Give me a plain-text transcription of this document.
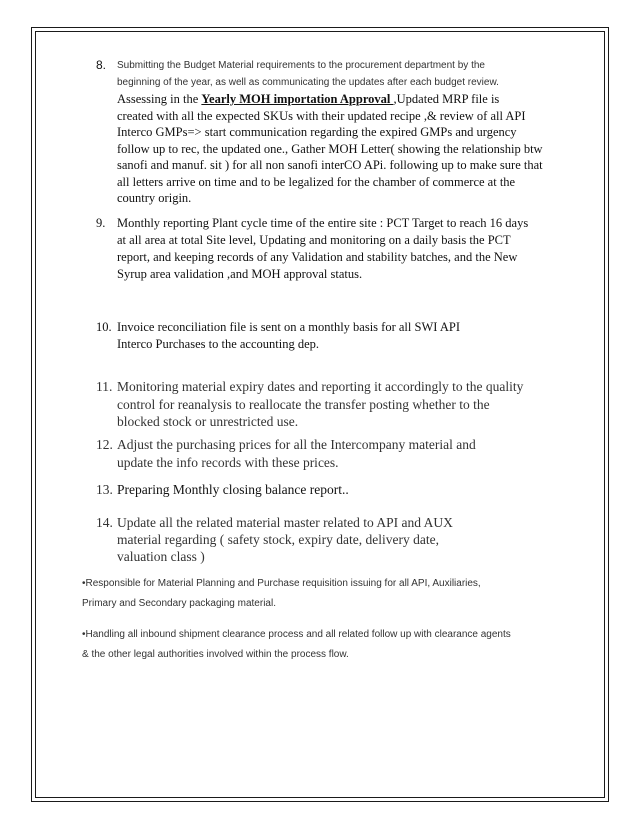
8. Submitting the Budget Material requirements to the procurement department by the
beginning of the year, as well as communicating the updates after each budget review.
Assessing in the Yearly MOH importation Approval ,Updated MRP file is
created with all the expected SKUs with their updated recipe ,& review of all API
Interco GMPs=> start communication regarding the expired GMPs and urgency
follow up to rec, the updated one., Gather MOH Letter( showing the relationship btw
sanofi and manuf. sit ) for all non sanofi interCO APi. following up to make sure that
all letters arrive on time and to be legalized for the chamber of commerce at the
country origin.
9. Monthly reporting Plant cycle time of the entire site : PCT Target to reach 16 days
at all area at total Site level, Updating and monitoring on a daily basis the PCT
report, and keeping records of any Validation and stability batches, and the New
Syrup area validation ,and MOH approval status.
10. Invoice reconciliation file is sent on a monthly basis for all SWI API
Interco Purchases to the accounting dep.
11. Monitoring material expiry dates and reporting it accordingly to the quality
control for reanalysis to reallocate the transfer posting whether to the
blocked stock or unrestricted use.
12. Adjust the purchasing prices for all the Intercompany material and
update the info records with these prices.
13. Preparing Monthly closing balance report..
14. Update all the related material master related to API and AUX
material regarding ( safety stock, expiry date, delivery date,
valuation class )
•Responsible for Material Planning and Purchase requisition issuing for all API, Auxiliaries,
Primary and Secondary packaging material.
•Handling all inbound shipment clearance process and all related follow up with clearance agents
& the other legal authorities involved within the process flow.
